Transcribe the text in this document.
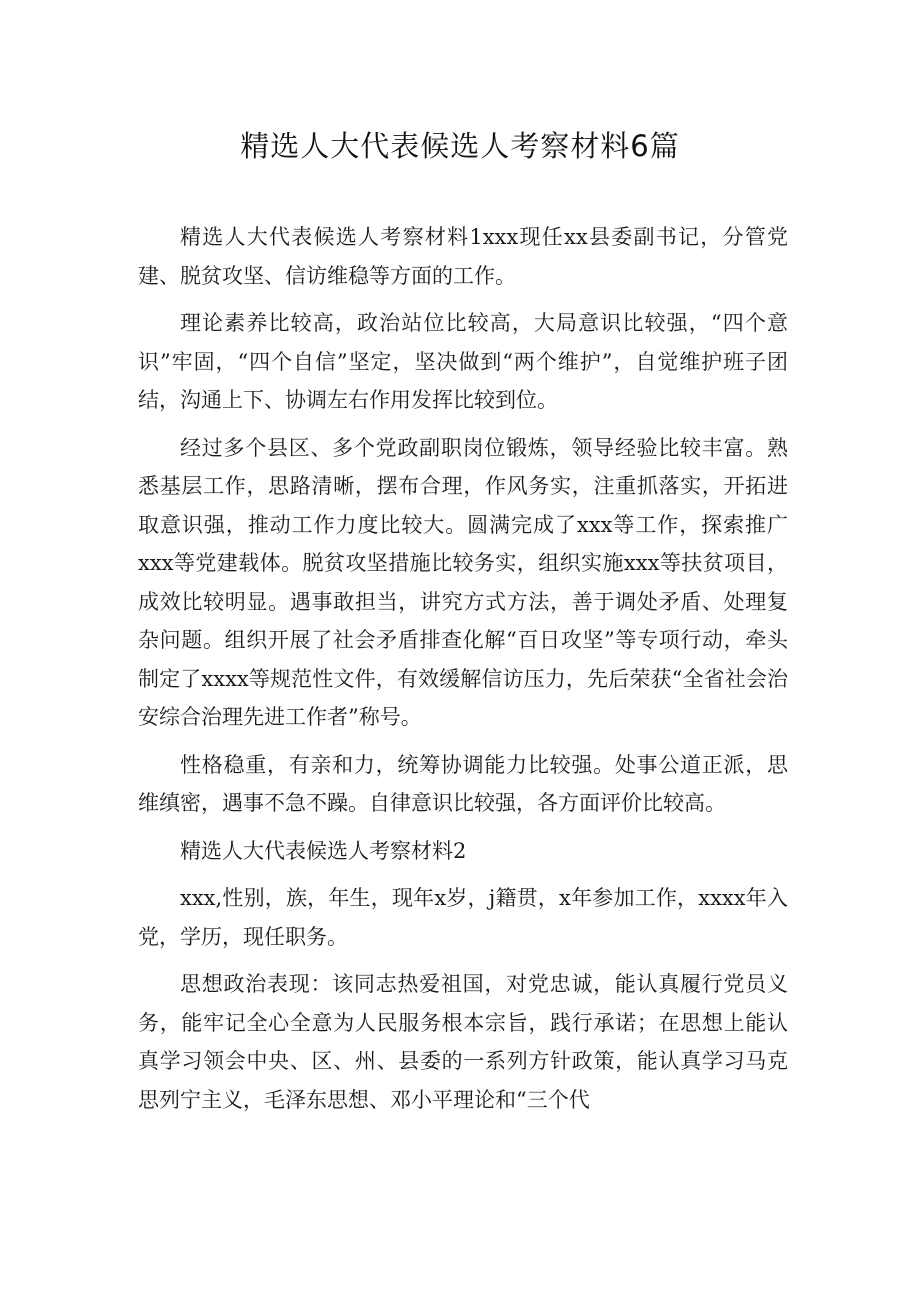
精选人大代表候选人考察材料6篇

精选人大代表候选人考察材料1xxx现任xx县委副书记，分管党建、脱贫攻坚、信访维稳等方面的工作。

理论素养比较高，政治站位比较高，大局意识比较强，“四个意识”牢固，“四个自信”坚定，坚决做到“两个维护”，自觉维护班子团结，沟通上下、协调左右作用发挥比较到位。

经过多个县区、多个党政副职岗位锻炼，领导经验比较丰富。熟悉基层工作，思路清晰，摆布合理，作风务实，注重抓落实，开拓进取意识强，推动工作力度比较大。圆满完成了xxx等工作，探索推广xxx等党建载体。脱贫攻坚措施比较务实，组织实施xxx等扶贫项目，成效比较明显。遇事敢担当，讲究方式方法，善于调处矛盾、处理复杂问题。组织开展了社会矛盾排查化解“百日攻坚”等专项行动，牵头制定了xxxx等规范性文件，有效缓解信访压力，先后荣获“全省社会治安综合治理先进工作者”称号。

性格稳重，有亲和力，统筹协调能力比较强。处事公道正派，思维缜密，遇事不急不躁。自律意识比较强，各方面评价比较高。

精选人大代表候选人考察材料2

xxx,性别，族，年生，现年x岁，j籍贯，x年参加工作，xxxx年入党，学历，现任职务。

思想政治表现：该同志热爱祖国，对党忠诚，能认真履行党员义务，能牢记全心全意为人民服务根本宗旨，践行承诺；在思想上能认真学习领会中央、区、州、县委的一系列方针政策，能认真学习马克思列宁主义，毛泽东思想、邓小平理论和“三个代
